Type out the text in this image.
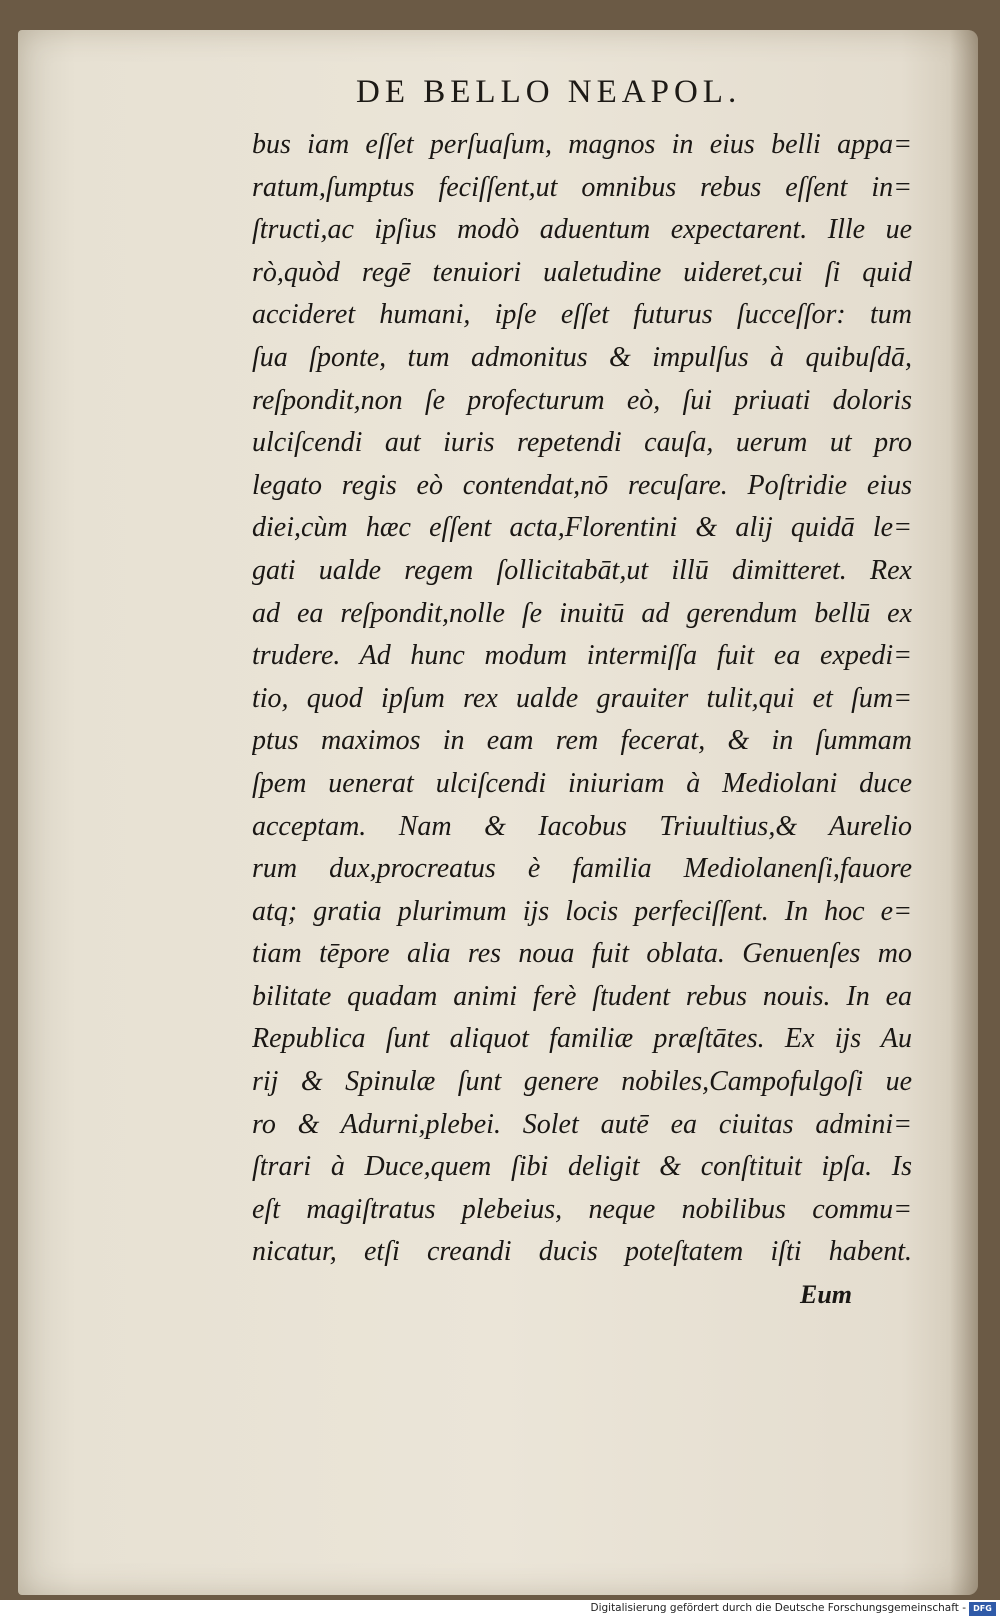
DE BELLO NEAPOL.
bus iam eſſet perſuaſum, magnos in eius belli appa=
ratum,ſumptus feciſſent,ut omnibus rebus eſſent in=
ſtructi,ac ipſius modò aduentum expectarent. Ille ue
rò,quòd regē tenuiori ualetudine uideret,cui ſi quid
accideret humani, ipſe eſſet futurus ſucceſſor: tum
ſua ſponte, tum admonitus & impulſus à quibuſdā,
reſpondit,non ſe profecturum eò, ſui priuati doloris
ulciſcendi aut iuris repetendi cauſa, uerum ut pro
legato regis eò contendat,nō recuſare. Poſtridie eius
diei,cùm hæc eſſent acta,Florentini & alij quidā le=
gati ualde regem ſollicitabāt,ut illū dimitteret. Rex
ad ea reſpondit,nolle ſe inuitū ad gerendum bellū ex
trudere. Ad hunc modum intermiſſa fuit ea expedi=
tio, quod ipſum rex ualde grauiter tulit,qui et ſum=
ptus maximos in eam rem fecerat, & in ſummam
ſpem uenerat ulciſcendi iniuriam à Mediolani duce
acceptam. Nam & Iacobus Triuultius,& Aurelio
rum dux,procreatus è familia Mediolanenſi,fauore
atq; gratia plurimum ijs locis perfeciſſent. In hoc e=
tiam tēpore alia res noua fuit oblata. Genuenſes mo
bilitate quadam animi ferè ſtudent rebus nouis. In ea
Republica ſunt aliquot familiæ præſtātes. Ex ijs Au
rij & Spinulæ ſunt genere nobiles,Campofulgoſi ue
ro & Adurni,plebei. Solet autē ea ciuitas admini=
ſtrari à Duce,quem ſibi deligit & conſtituit ipſa. Is
eſt magiſtratus plebeius, neque nobilibus commu=
nicatur, etſi creandi ducis poteſtatem iſti habent.
Eum
Digitalisierung gefördert durch die Deutsche Forschungsgemeinschaft - DFG
